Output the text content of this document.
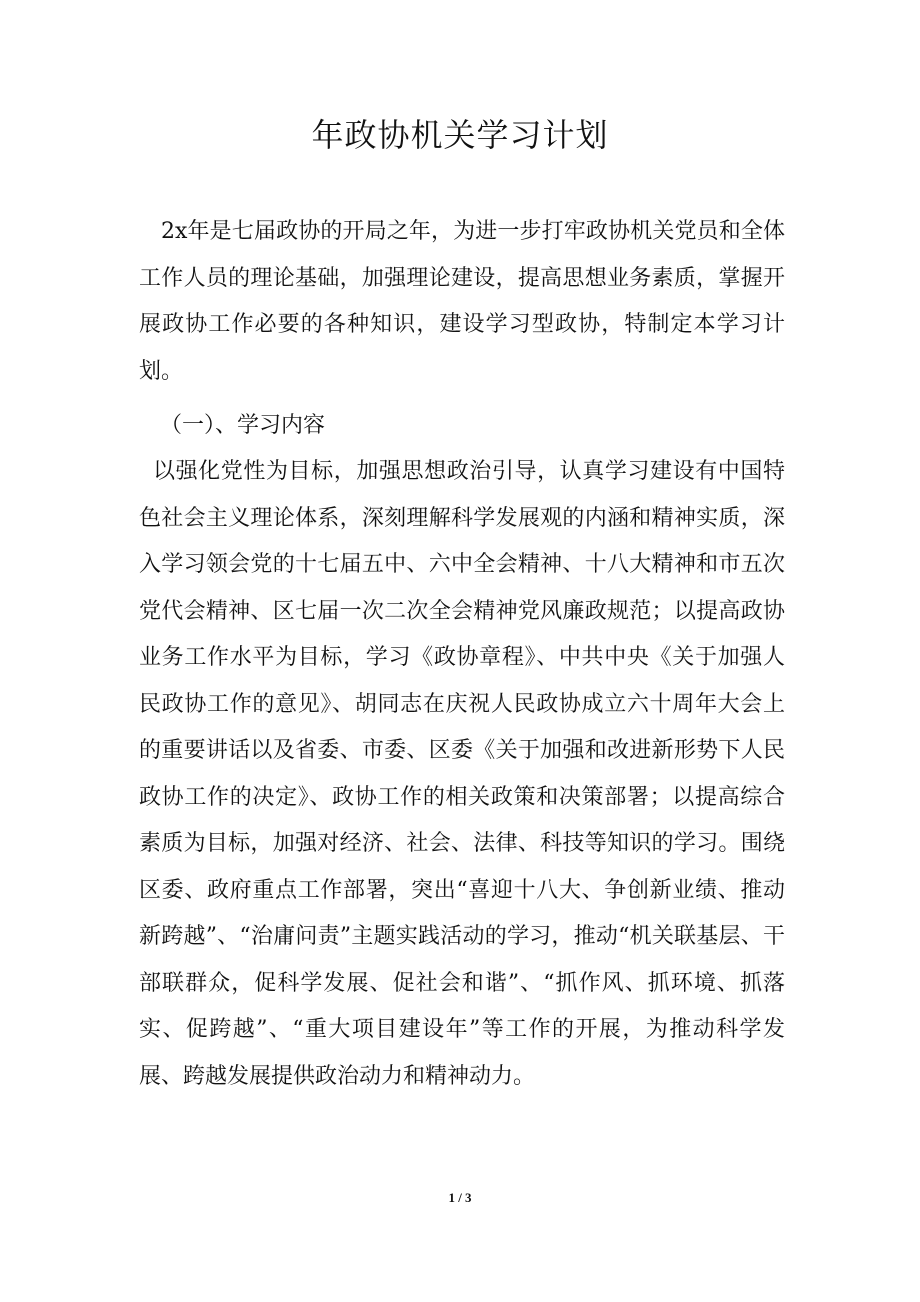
年政协机关学习计划

2x年是七届政协的开局之年，为进一步打牢政协机关党员和全体工作人员的理论基础，加强理论建设，提高思想业务素质，掌握开展政协工作必要的各种知识，建设学习型政协，特制定本学习计划。

（一）、学习内容

以强化党性为目标，加强思想政治引导，认真学习建设有中国特色社会主义理论体系，深刻理解科学发展观的内涵和精神实质，深入学习领会党的十七届五中、六中全会精神、十八大精神和市五次党代会精神、区七届一次二次全会精神党风廉政规范；以提高政协业务工作水平为目标，学习《政协章程》、中共中央《关于加强人民政协工作的意见》、胡同志在庆祝人民政协成立六十周年大会上的重要讲话以及省委、市委、区委《关于加强和改进新形势下人民政协工作的决定》、政协工作的相关政策和决策部署；以提高综合素质为目标，加强对经济、社会、法律、科技等知识的学习。围绕区委、政府重点工作部署，突出“喜迎十八大、争创新业绩、推动新跨越”、“治庸问责”主题实践活动的学习，推动“机关联基层、干部联群众，促科学发展、促社会和谐”、“抓作风、抓环境、抓落实、促跨越”、“重大项目建设年”等工作的开展，为推动科学发展、跨越发展提供政治动力和精神动力。

1 / 3
